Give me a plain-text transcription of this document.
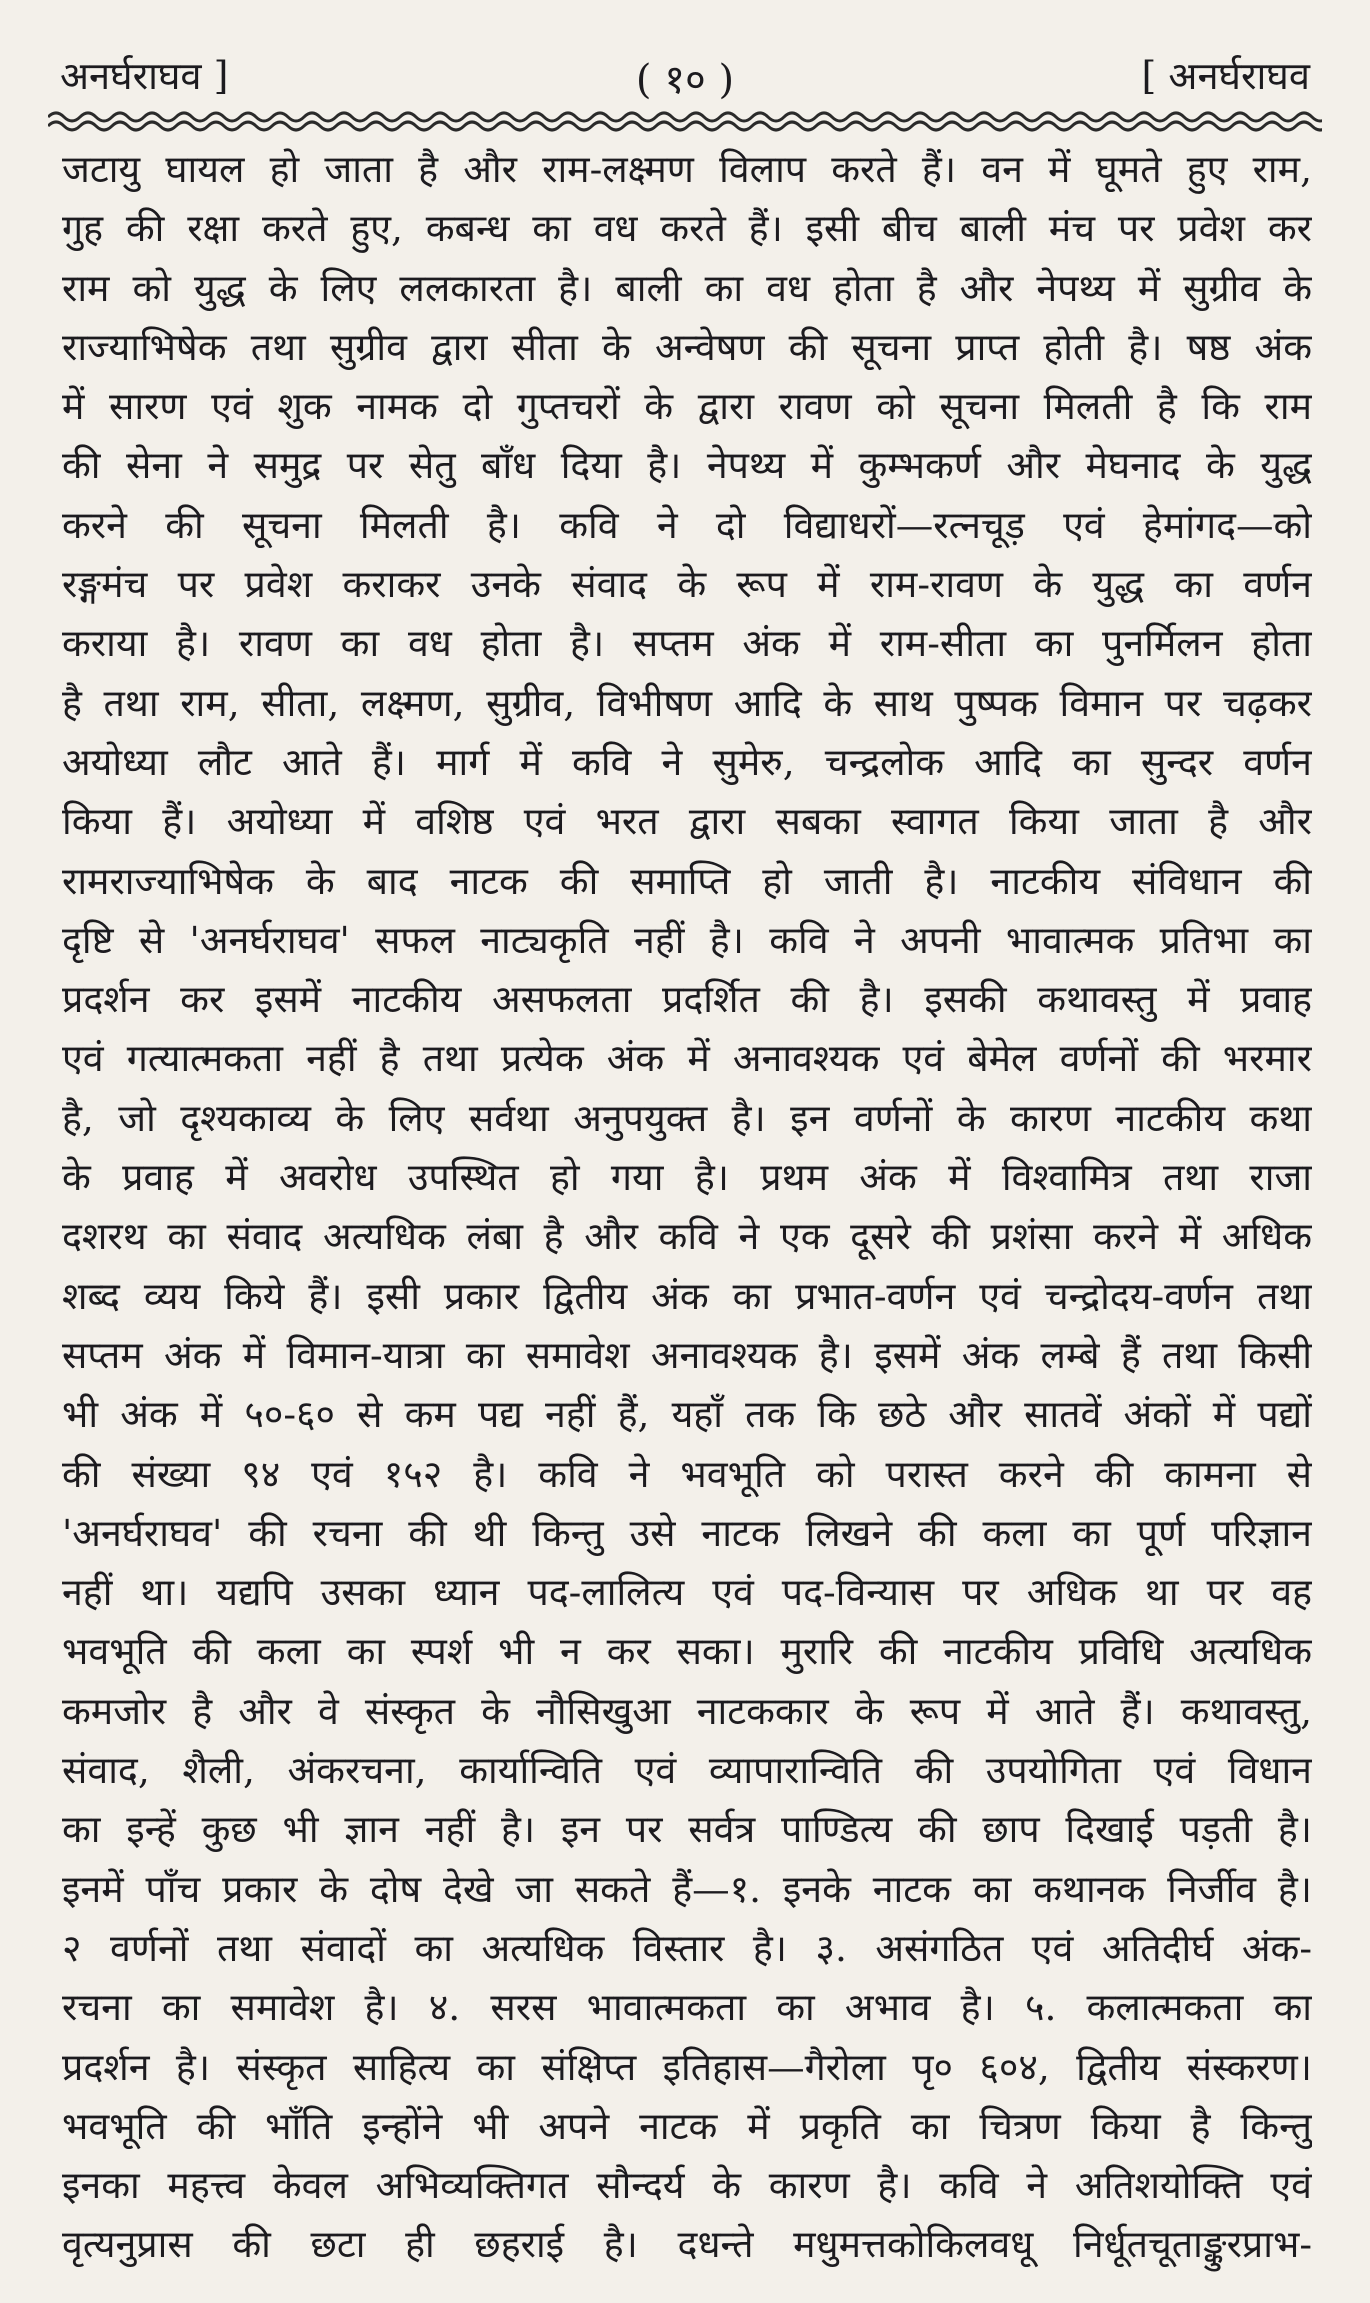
अनर्घराघव ]	( १० )	[ अनर्घराघव
जटायु घायल हो जाता है और राम-लक्ष्मण विलाप करते हैं। वन में घूमते हुए राम,
गुह की रक्षा करते हुए, कबन्ध का वध करते हैं। इसी बीच बाली मंच पर प्रवेश कर
राम को युद्ध के लिए ललकारता है। बाली का वध होता है और नेपथ्य में सुग्रीव के
राज्याभिषेक तथा सुग्रीव द्वारा सीता के अन्वेषण की सूचना प्राप्त होती है। षष्ठ अंक
में सारण एवं शुक नामक दो गुप्तचरों के द्वारा रावण को सूचना मिलती है कि राम
की सेना ने समुद्र पर सेतु बाँध दिया है। नेपथ्य में कुम्भकर्ण और मेघनाद के युद्ध
करने की सूचना मिलती है। कवि ने दो विद्याधरों—रत्नचूड़ एवं हेमांगद—को
रङ्गमंच पर प्रवेश कराकर उनके संवाद के रूप में राम-रावण के युद्ध का वर्णन
कराया है। रावण का वध होता है। सप्तम अंक में राम-सीता का पुनर्मिलन होता
है तथा राम, सीता, लक्ष्मण, सुग्रीव, विभीषण आदि के साथ पुष्पक विमान पर चढ़कर
अयोध्या लौट आते हैं। मार्ग में कवि ने सुमेरु, चन्द्रलोक आदि का सुन्दर वर्णन
किया हैं। अयोध्या में वशिष्ठ एवं भरत द्वारा सबका स्वागत किया जाता है और
रामराज्याभिषेक के बाद नाटक की समाप्ति हो जाती है। नाटकीय संविधान की
दृष्टि से 'अनर्घराघव' सफल नाट्यकृति नहीं है। कवि ने अपनी भावात्मक प्रतिभा का
प्रदर्शन कर इसमें नाटकीय असफलता प्रदर्शित की है। इसकी कथावस्तु में प्रवाह
एवं गत्यात्मकता नहीं है तथा प्रत्येक अंक में अनावश्यक एवं बेमेल वर्णनों की भरमार
है, जो दृश्यकाव्य के लिए सर्वथा अनुपयुक्त है। इन वर्णनों के कारण नाटकीय कथा
के प्रवाह में अवरोध उपस्थित हो गया है। प्रथम अंक में विश्वामित्र तथा राजा
दशरथ का संवाद अत्यधिक लंबा है और कवि ने एक दूसरे की प्रशंसा करने में अधिक
शब्द व्यय किये हैं। इसी प्रकार द्वितीय अंक का प्रभात-वर्णन एवं चन्द्रोदय-वर्णन तथा
सप्तम अंक में विमान-यात्रा का समावेश अनावश्यक है। इसमें अंक लम्बे हैं तथा किसी
भी अंक में ५०-६० से कम पद्य नहीं हैं, यहाँ तक कि छठे और सातवें अंकों में पद्यों
की संख्या ९४ एवं १५२ है। कवि ने भवभूति को परास्त करने की कामना से
'अनर्घराघव' की रचना की थी किन्तु उसे नाटक लिखने की कला का पूर्ण परिज्ञान
नहीं था। यद्यपि उसका ध्यान पद-लालित्य एवं पद-विन्यास पर अधिक था पर वह
भवभूति की कला का स्पर्श भी न कर सका। मुरारि की नाटकीय प्रविधि अत्यधिक
कमजोर है और वे संस्कृत के नौसिखुआ नाटककार के रूप में आते हैं। कथावस्तु,
संवाद, शैली, अंकरचना, कार्यान्विति एवं व्यापारान्विति की उपयोगिता एवं विधान
का इन्हें कुछ भी ज्ञान नहीं है। इन पर सर्वत्र पाण्डित्य की छाप दिखाई पड़ती है।
इनमें पाँच प्रकार के दोष देखे जा सकते हैं—१. इनके नाटक का कथानक निर्जीव है।
२ वर्णनों तथा संवादों का अत्यधिक विस्तार है। ३. असंगठित एवं अतिदीर्घ अंक-
रचना का समावेश है। ४. सरस भावात्मकता का अभाव है। ५. कलात्मकता का
प्रदर्शन है। संस्कृत साहित्य का संक्षिप्त इतिहास—गैरोला पृ० ६०४, द्वितीय संस्करण।
भवभूति की भाँति इन्होंने भी अपने नाटक में प्रकृति का चित्रण किया है किन्तु
इनका महत्त्व केवल अभिव्यक्तिगत सौन्दर्य के कारण है। कवि ने अतिशयोक्ति एवं
वृत्यनुप्रास की छटा ही छहराई है। दधन्ते मधुमत्तकोकिलवधू निर्धूतचूताङ्कुरप्राभ-
